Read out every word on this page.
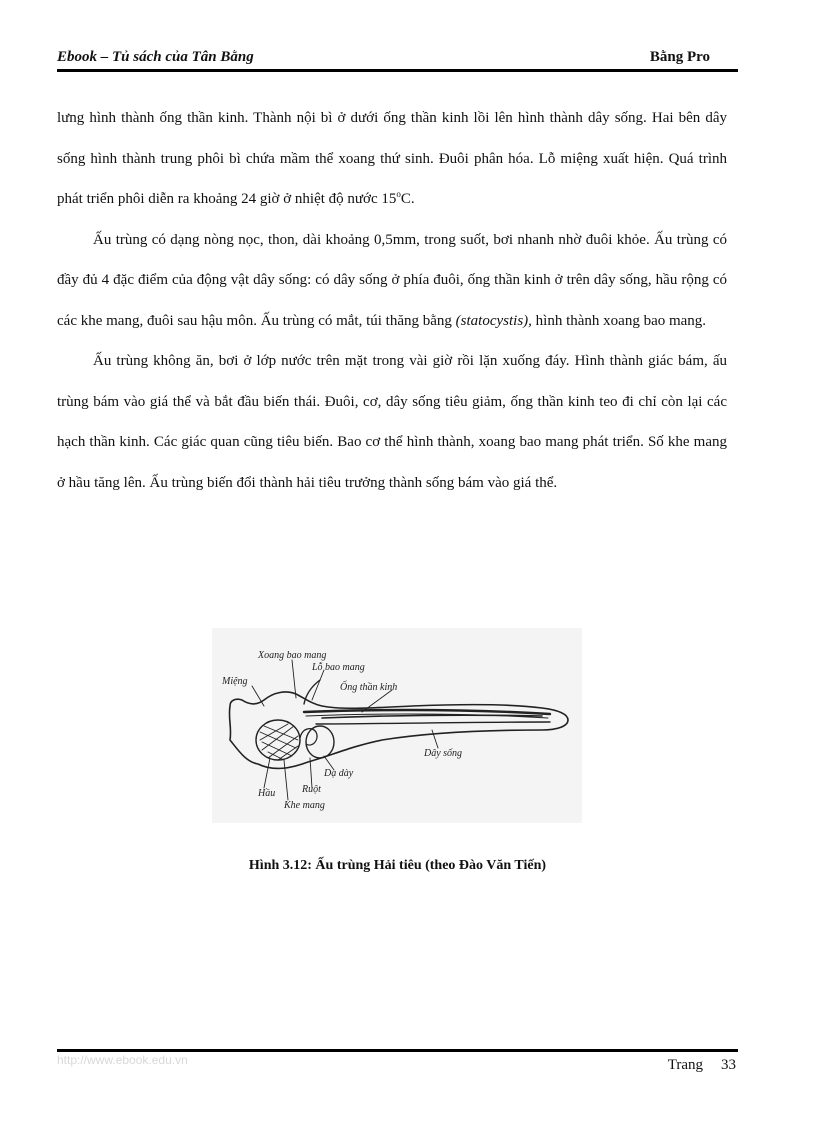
Ebook – Tủ sách của Tân Bằng	Bằng Pro

lưng hình thành ống thần kinh. Thành nội bì ở dưới ống thần kinh lồi lên hình thành dây sống. Hai bên dây sống hình thành trung phôi bì chứa mầm thể xoang thứ sinh. Đuôi phân hóa. Lỗ miệng xuất hiện. Quá trình phát triển phôi diễn ra khoảng 24 giờ ở nhiệt độ nước 15$^o$C.

Ấu trùng có dạng nòng nọc, thon, dài khoảng 0,5mm, trong suốt, bơi nhanh nhờ đuôi khỏe. Ấu trùng có đầy đủ 4 đặc điểm của động vật dây sống: có dây sống ở phía đuôi, ống thần kinh ở trên dây sống, hầu rộng có các khe mang, đuôi sau hậu môn. Ấu trùng có mắt, túi thăng bằng (statocystis), hình thành xoang bao mang.

Ấu trùng không ăn, bơi ở lớp nước trên mặt trong vài giờ rồi lặn xuống đáy. Hình thành giác bám, ấu trùng bám vào giá thể và bắt đầu biến thái. Đuôi, cơ, dây sống tiêu giảm, ống thần kinh teo đi chỉ còn lại các hạch thần kinh. Các giác quan cũng tiêu biến. Bao cơ thể hình thành, xoang bao mang phát triển. Số khe mang ở hầu tăng lên. Ấu trùng biến đổi thành hải tiêu trưởng thành sống bám vào giá thể.

Xoang bao mang
Lỗ bao mang
Miệng
Ống thần kinh
Dây sống
Dạ dày
Ruột
Hầu
Khe mang
Hình 3.12: Ấu trùng Hải tiêu (theo Đào Văn Tiến)
http://www.ebook.edu.vn	Trang 33
